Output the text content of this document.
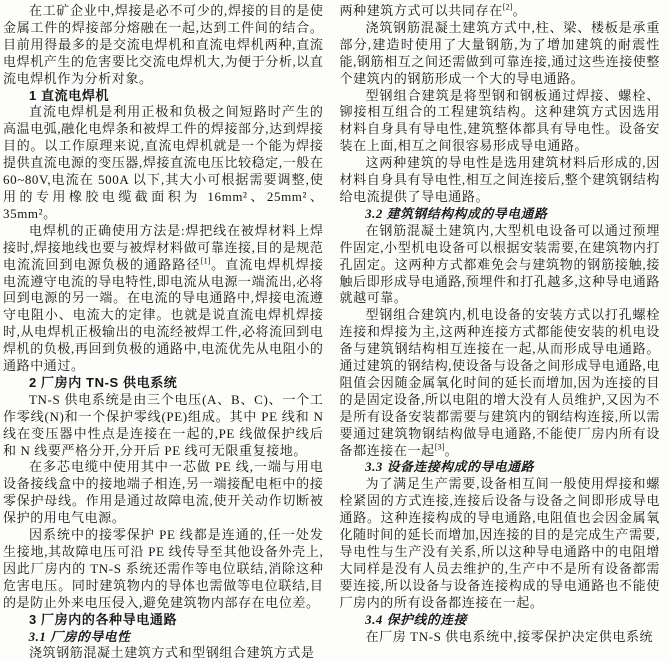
在工矿企业中,焊接是必不可少的,焊接的目的是使金属工件的焊接部分熔融在一起,达到工件间的结合。目前用得最多的是交流电焊机和直流电焊机两种,直流电焊机产生的危害要比交流电焊机大,为便于分析,以直流电焊机作为分析对象。

1 直流电焊机

直流电焊机是利用正极和负极之间短路时产生的高温电弧,融化电焊条和被焊工件的焊接部分,达到焊接目的。以工作原理来说,直流电焊机就是一个能为焊接提供直流电源的变压器,焊接直流电压比较稳定,一般在 60~80V,电流在 500A 以下,其大小可根据需要调整,使用的专用橡胶电缆截面积为 16mm²、25mm²、35mm²。

电焊机的正确使用方法是:焊把线在被焊材料上焊接时,焊接地线也要与被焊材料做可靠连接,目的是规范电流流回到电源负极的通路路径[1]。直流电焊机焊接电流遵守电流的导电特性,即电流从电源一端流出,必将回到电源的另一端。在电流的导电通路中,焊接电流遵守电阻小、电流大的定律。也就是说直流电焊机焊接时,从电焊机正极输出的电流经被焊工件,必将流回到电焊机的负极,再回到负极的通路中,电流优先从电阻小的通路中通过。

2 厂房内 TN-S 供电系统

TN-S 供电系统是由三个电压(A、B、C)、一个工作零线(N)和一个保护零线(PE)组成。其中 PE 线和 N 线在变压器中性点是连接在一起的,PE 线做保护线后和 N 线要严格分开,分开后 PE 线可无限重复接地。

在多芯电缆中使用其中一芯做 PE 线,一端与用电设备接线盒中的接地端子相连,另一端接配电柜中的接零保护母线。作用是通过故障电流,使开关动作切断被保护的用电气电源。

因系统中的接零保护 PE 线都是连通的,任一处发生接地,其故障电压可沿 PE 线传导至其他设备外壳上,因此厂房内的 TN-S 系统还需作等电位联结,消除这种危害电压。同时建筑物内的导体也需做等电位联结,目的是防止外来电压侵入,避免建筑物内部存在电位差。

3 厂房内的各种导电通路
3.1 厂房的导电性

浇筑钢筋混凝土建筑方式和型钢组合建筑方式是

两种建筑方式可以共同存在[2]。

浇筑钢筋混凝土建筑方式中,柱、梁、楼板是承重部分,建造时使用了大量钢筋,为了增加建筑的耐震性能,钢筋相互之间还需做到可靠连接,通过这些连接使整个建筑内的钢筋形成一个大的导电通路。

型钢组合建筑是将型钢和钢板通过焊接、螺栓、铆接相互组合的工程建筑结构。这种建筑方式因选用材料自身具有导电性,建筑整体都具有导电性。设备安装在上面,相互之间很容易形成导电通路。

这两种建筑的导电性是选用建筑材料后形成的,因材料自身具有导电性,相互之间连接后,整个建筑钢结构给电流提供了导电通路。

3.2 建筑钢结构构成的导电通路

在钢筋混凝土建筑内,大型机电设备可以通过预埋件固定,小型机电设备可以根据安装需要,在建筑物内打孔固定。这两种方式都难免会与建筑物的钢筋接触,接触后即形成导电通路,预埋件和打孔越多,这种导电通路就越可靠。

型钢组合建筑内,机电设备的安装方式以打孔螺栓连接和焊接为主,这两种连接方式都能使安装的机电设备与建筑钢结构相互连接在一起,从而形成导电通路。通过建筑的钢结构,使设备与设备之间形成导电通路,电阻值会因随金属氧化时间的延长而增加,因为连接的目的是固定设备,所以电阻的增大没有人员维护,又因为不是所有设备安装都需要与建筑内的钢结构连接,所以需要通过建筑物钢结构做导电通路,不能使厂房内所有设备都连接在一起[3]。

3.3 设备连接构成的导电通路

为了满足生产需要,设备相互间一般使用焊接和螺栓紧固的方式连接,连接后设备与设备之间即形成导电通路。这种连接构成的导电通路,电阻值也会因金属氧化随时间的延长而增加,因连接的目的是完成生产需要,导电性与生产没有关系,所以这种导电通路中的电阻增大同样是没有人员去维护的,生产中不是所有设备都需要连接,所以设备与设备连接构成的导电通路也不能使厂房内的所有设备都连接在一起。

3.4 保护线的连接

在厂房 TN-S 供电系统中,接零保护决定供电系统
